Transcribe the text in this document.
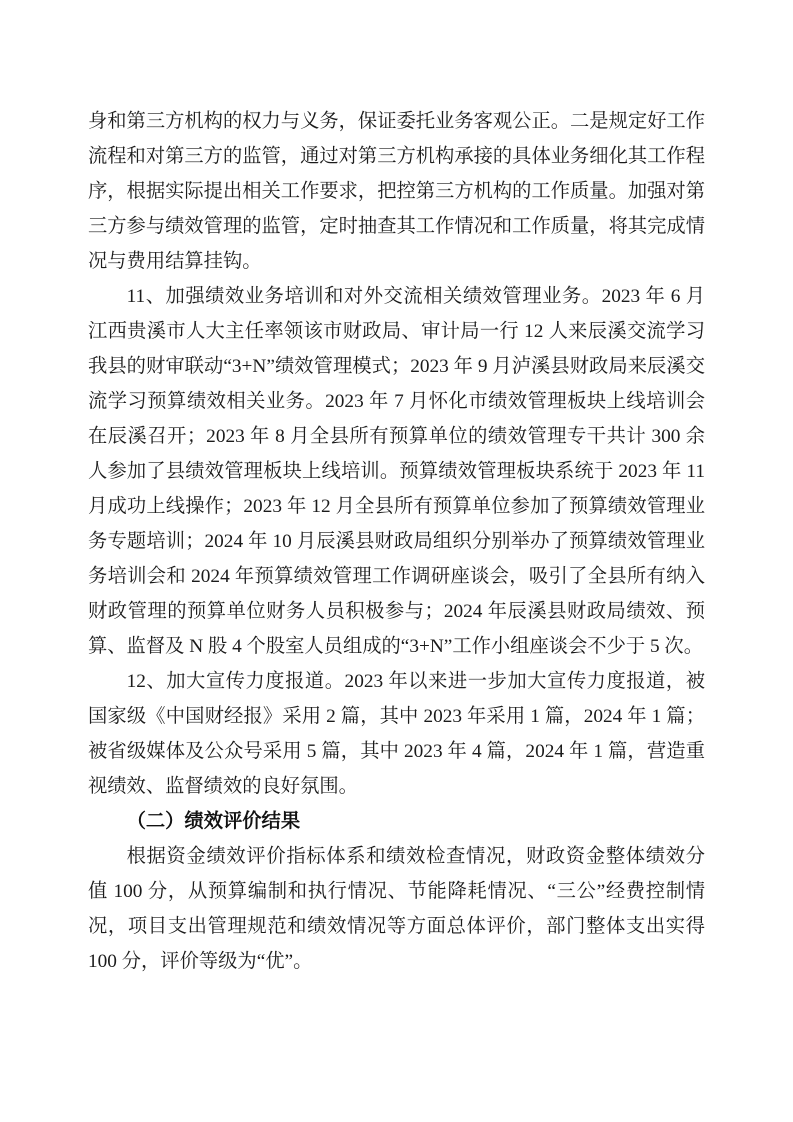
身和第三方机构的权力与义务，保证委托业务客观公正。二是规定好工作流程和对第三方的监管，通过对第三方机构承接的具体业务细化其工作程序，根据实际提出相关工作要求，把控第三方机构的工作质量。加强对第三方参与绩效管理的监管，定时抽查其工作情况和工作质量，将其完成情况与费用结算挂钩。

11、加强绩效业务培训和对外交流相关绩效管理业务。2023 年 6 月江西贵溪市人大主任率领该市财政局、审计局一行 12 人来辰溪交流学习我县的财审联动“3+N”绩效管理模式；2023 年 9 月泸溪县财政局来辰溪交流学习预算绩效相关业务。2023 年 7 月怀化市绩效管理板块上线培训会在辰溪召开；2023 年 8 月全县所有预算单位的绩效管理专干共计 300 余人参加了县绩效管理板块上线培训。预算绩效管理板块系统于 2023 年 11 月成功上线操作；2023 年 12 月全县所有预算单位参加了预算绩效管理业务专题培训；2024 年 10 月辰溪县财政局组织分别举办了预算绩效管理业务培训会和 2024 年预算绩效管理工作调研座谈会，吸引了全县所有纳入财政管理的预算单位财务人员积极参与；2024 年辰溪县财政局绩效、预算、监督及 N 股 4 个股室人员组成的“3+N”工作小组座谈会不少于 5 次。

12、加大宣传力度报道。2023 年以来进一步加大宣传力度报道，被国家级《中国财经报》采用 2 篇，其中 2023 年采用 1 篇，2024 年 1 篇；被省级媒体及公众号采用 5 篇，其中 2023 年 4 篇，2024 年 1 篇，营造重视绩效、监督绩效的良好氛围。

（二）绩效评价结果

根据资金绩效评价指标体系和绩效检查情况，财政资金整体绩效分值 100 分，从预算编制和执行情况、节能降耗情况、“三公”经费控制情况，项目支出管理规范和绩效情况等方面总体评价，部门整体支出实得 100 分，评价等级为“优”。
